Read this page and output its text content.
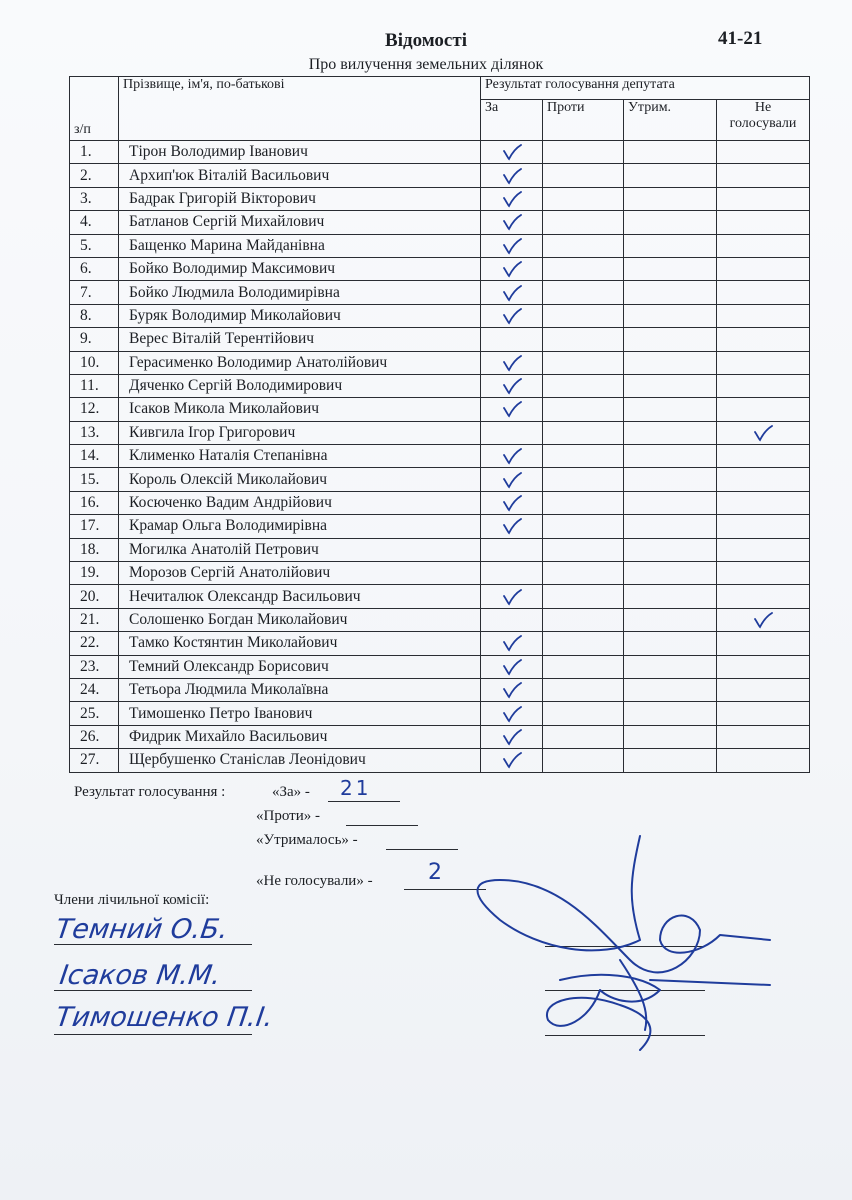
Відомості	41-21
Про вилучення земельних ділянок
з/п	Прізвище, ім'я, по-батькові	Результат голосування депутата			
		За	Проти	Утрим.	Не голосували
1.	Тірон Володимир Іванович	

2.	Архип'юк Віталій Васильович	

3.	Бадрак Григорій Вікторович	

4.	Батланов Сергій Михайлович	

5.	Бащенко Марина Майданівна	

6.	Бойко Володимир Максимович	

7.	Бойко Людмила Володимирівна	

8.	Буряк Володимир Миколайович	

9.	Верес Віталій Терентійович				
10.	Герасименко Володимир Анатолійович	

11.	Дяченко Сергій Володимирович	

12.	Ісаков Микола Миколайович	

13.	Кивгила Ігор Григорович				

14.	Клименко Наталія Степанівна	

15.	Король Олексій Миколайович	

16.	Косюченко Вадим Андрійович	

17.	Крамар Ольга Володимирівна	

18.	Могилка Анатолій Петрович				
19.	Морозов Сергій Анатолійович				
20.	Нечиталюк Олександр Васильович	

21.	Солошенко Богдан Миколайович				

22.	Тамко Костянтин Миколайович	

23.	Темний Олександр Борисович	

24.	Тетьора Людмила Миколаївна	

25.	Тимошенко Петро Іванович	

26.	Фидрик Михайло Васильович	

27.	Щербушенко Станіслав Леонідович	

Результат голосування :	«За» - 21
«Проти» -
«Утрималось» -
«Не голосували» -	2
Члени лічильної комісії:
Темний О.Б.
Ісаков М.М.
Тимошенко П.І.
